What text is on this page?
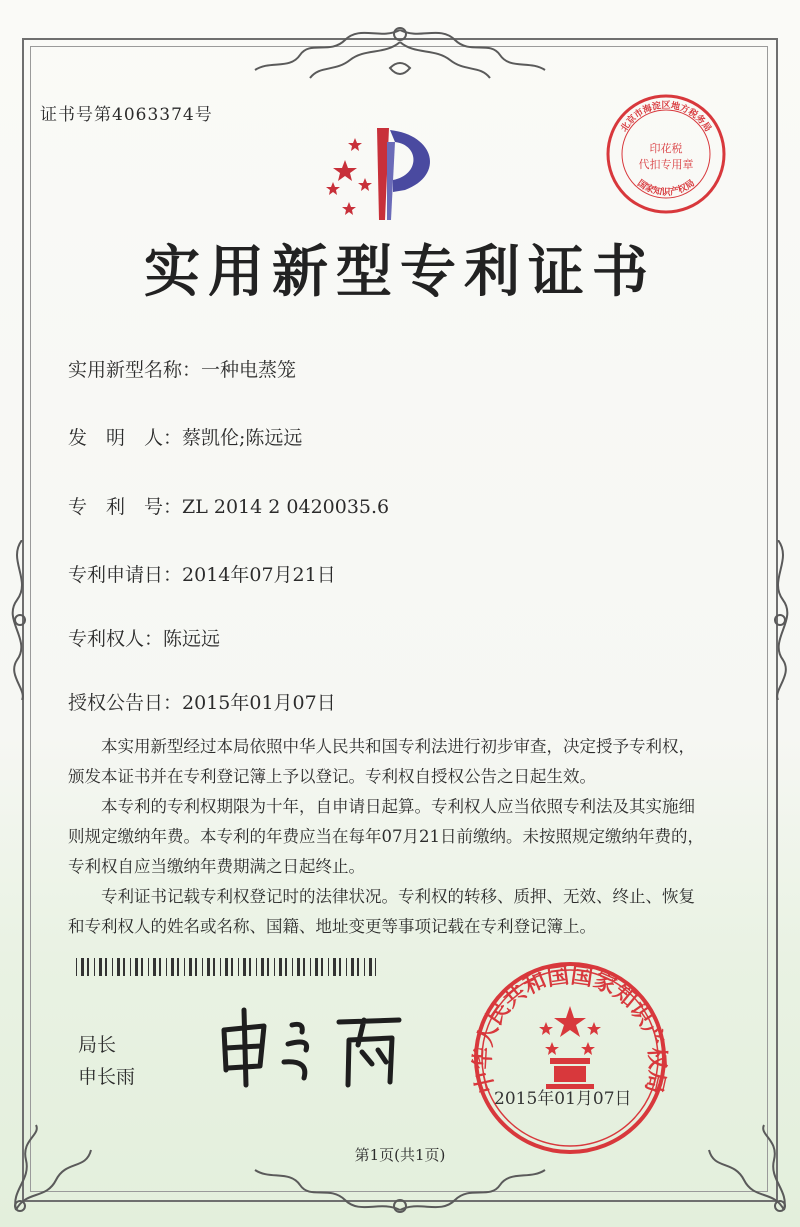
证书号第4063374号
北京市海淀区地方税务局
国家知识产权局
印花税
代扣专用章
实用新型专利证书
实用新型名称：一种电蒸笼
发　明　人：蔡凯伦;陈远远
专　利　号：ZL 2014 2 0420035.6
专利申请日：2014年07月21日
专利权人：陈远远
授权公告日：2015年01月07日

本实用新型经过本局依照中华人民共和国专利法进行初步审查，决定授予专利权，颁发本证书并在专利登记簿上予以登记。专利权自授权公告之日起生效。

本专利的专利权期限为十年，自申请日起算。专利权人应当依照专利法及其实施细则规定缴纳年费。本专利的年费应当在每年07月21日前缴纳。未按照规定缴纳年费的，专利权自应当缴纳年费期满之日起终止。

专利证书记载专利权登记时的法律状况。专利权的转移、质押、无效、终止、恢复和专利权人的姓名或名称、国籍、地址变更等事项记载在专利登记簿上。

局长
申长雨	中华人民共和国国家知识产权局
2015年01月07日
第1页(共1页)
